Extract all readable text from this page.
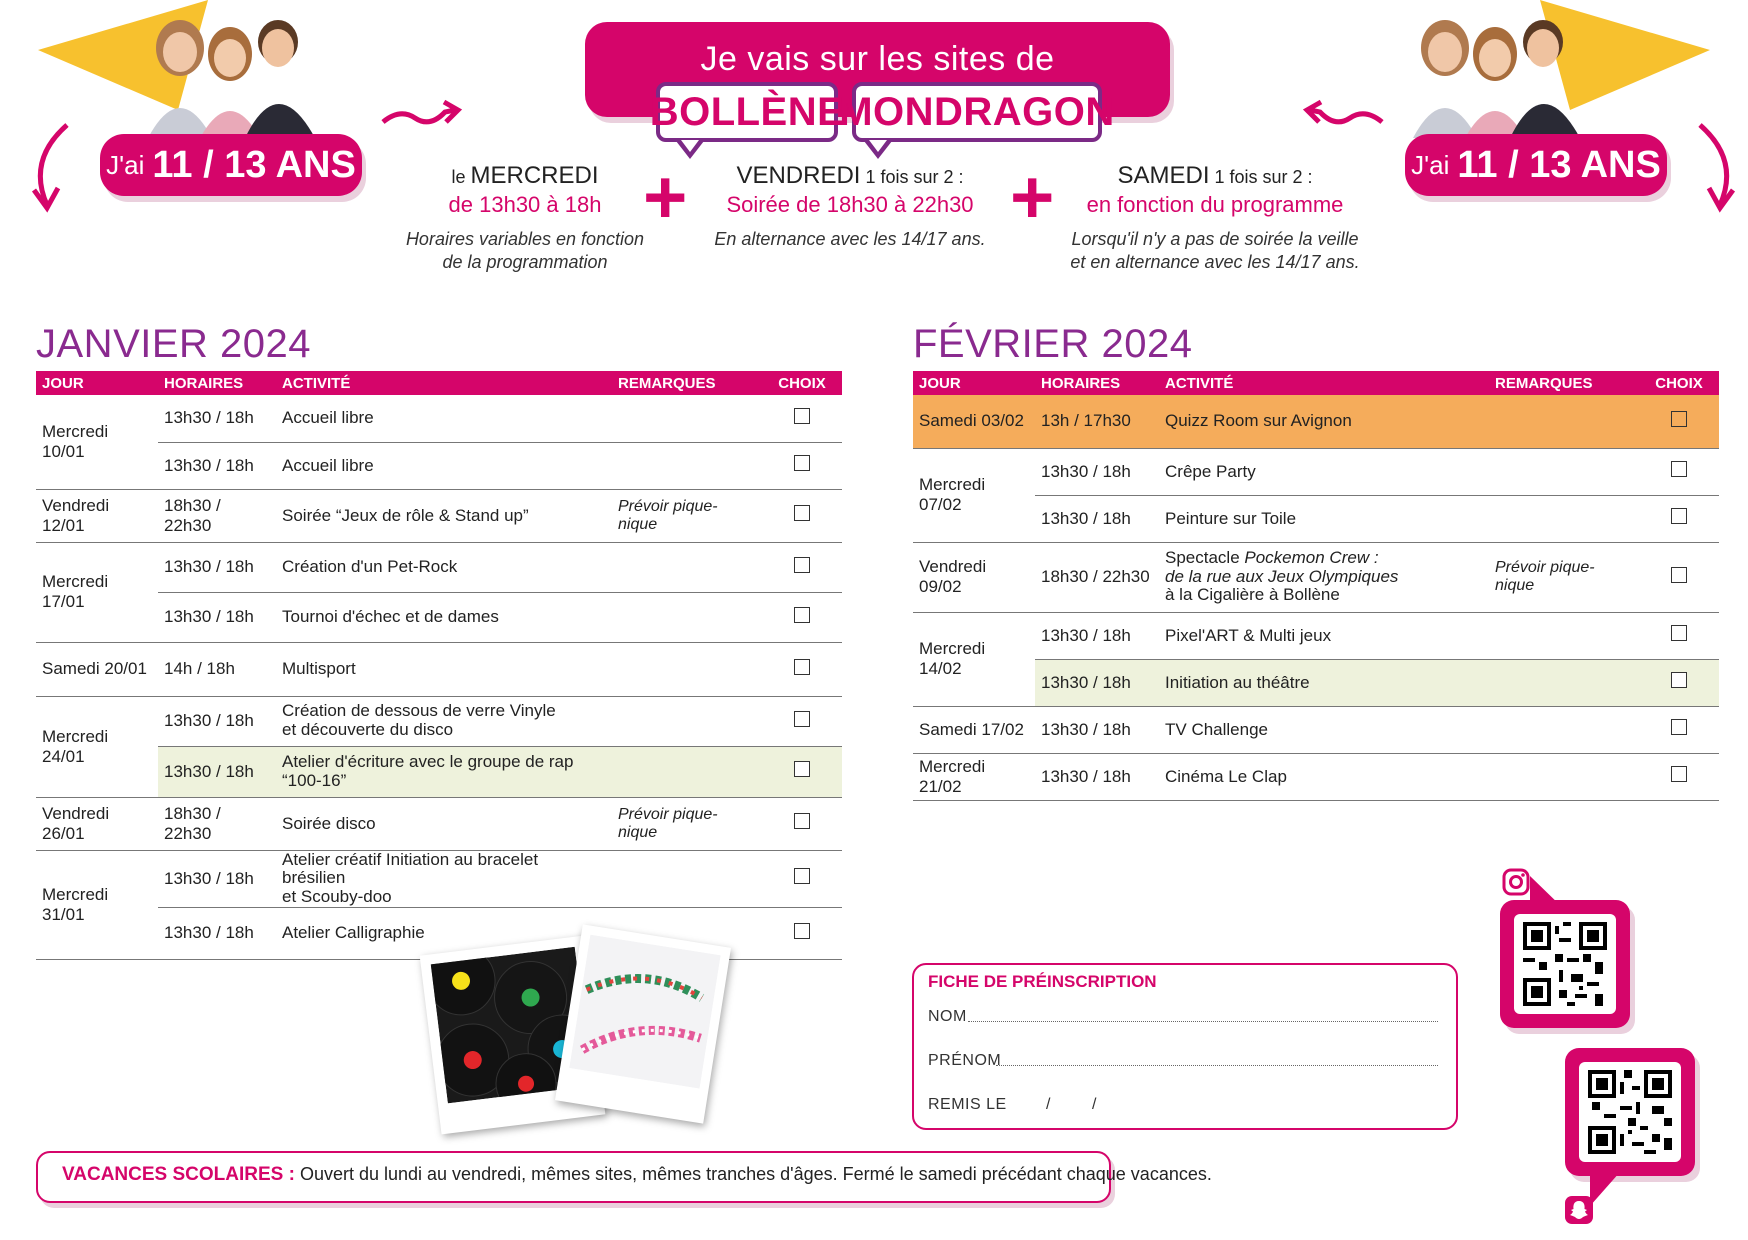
J'ai 11 / 13 ANS	J'ai 11 / 13 ANS
Je vais sur les sites de
BOLLÈNE
MONDRAGON
le MERCREDI
de 13h30 à 18h
Horaires variables en fonction
de la programmation
+	VENDREDI 1 fois sur 2 :
Soirée de 18h30 à 22h30
En alternance avec les 14/17 ans. +	SAMEDI 1 fois sur 2 :
en fonction du programme
Lorsqu'il n'y a pas de soirée la veille
et en alternance avec les 14/17 ans.
JANVIER 2024
JOUR	HORAIRES	ACTIVITÉ	REMARQUES	CHOIX
Mercredi 10/01	13h30 / 18h	Accueil libre		
	13h30 / 18h	Accueil libre		
Vendredi 12/01	18h30 / 22h30	Soirée “Jeux de rôle & Stand up”	Prévoir pique-nique	
Mercredi 17/01	13h30 / 18h	Création d'un Pet-Rock		
	13h30 / 18h	Tournoi d'échec et de dames		
Samedi 20/01	14h / 18h	Multisport		
Mercredi 24/01	13h30 / 18h	Création de dessous de verre Vinyle
et découverte du disco		
	13h30 / 18h	Atelier d'écriture avec le groupe de rap
“100-16”		
Vendredi 26/01	18h30 / 22h30	Soirée disco	Prévoir pique-nique	
Mercredi 31/01	13h30 / 18h	Atelier créatif Initiation au bracelet brésilien
et Scouby-doo		
	13h30 / 18h	Atelier Calligraphie		
FÉVRIER 2024
JOUR	HORAIRES	ACTIVITÉ	REMARQUES	CHOIX
Samedi 03/02	13h / 17h30	Quizz Room sur Avignon		
Mercredi 07/02	13h30 / 18h	Crêpe Party		
	13h30 / 18h	Peinture sur Toile		
Vendredi 09/02	18h30 / 22h30	Spectacle Pockemon Crew :
de la rue aux Jeux Olympiques
à la Cigalière à Bollène	Prévoir pique-nique	
Mercredi 14/02	13h30 / 18h	Pixel'ART & Multi jeux		
	13h30 / 18h	Initiation au théâtre		
Samedi 17/02	13h30 / 18h	TV Challenge		
Mercredi 21/02	13h30 / 18h	Cinéma Le Clap		
FICHE DE PRÉINSCRIPTION
NOM
PRÉNOM
REMIS LE /	/
VACANCES SCOLAIRES : Ouvert du lundi au vendredi, mêmes sites, mêmes tranches d'âges. Fermé le samedi précédant chaque vacances.
